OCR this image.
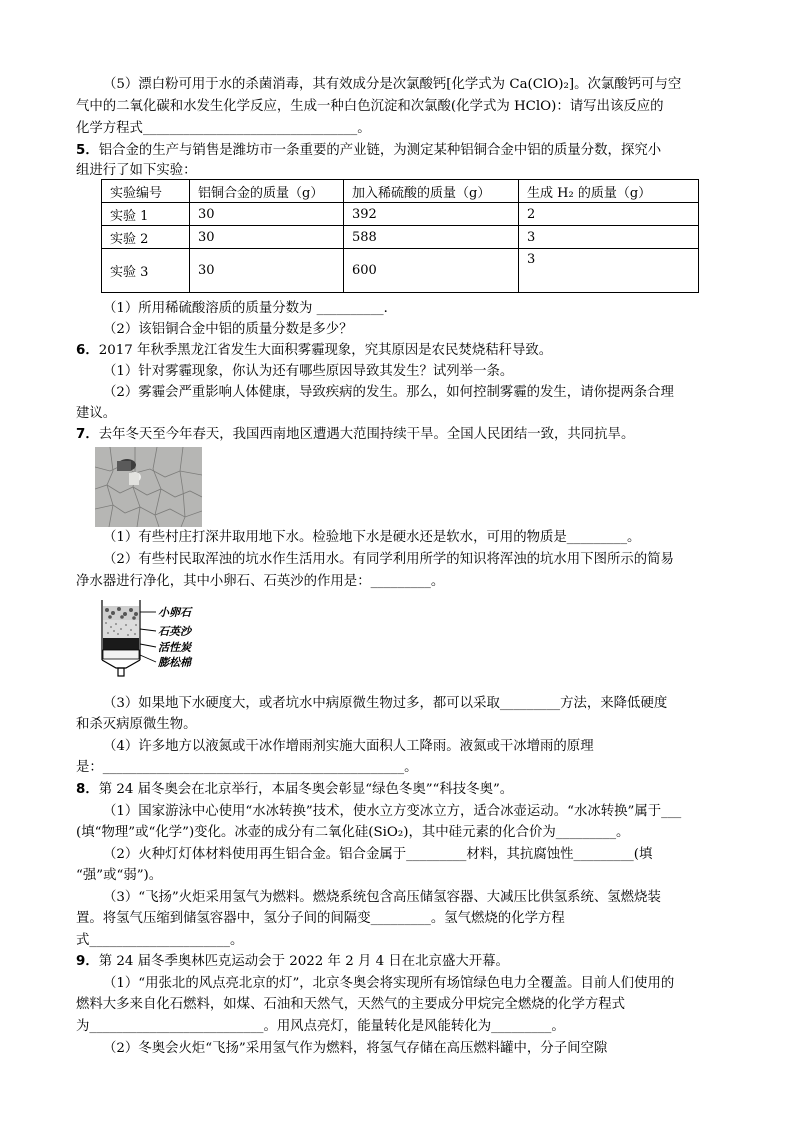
（5）漂白粉可用于水的杀菌消毒，其有效成分是次氯酸钙[化学式为 Ca(ClO)₂]。次氯酸钙可与空
气中的二氧化碳和水发生化学反应，生成一种白色沉淀和次氯酸(化学式为 HClO)：请写出该反应的
化学方程式________________________________。
5．铝合金的生产与销售是潍坊市一条重要的产业链，为测定某种铝铜合金中铝的质量分数，探究小
组进行了如下实验：
实验编号	铝铜合金的质量（g）	加入稀硫酸的质量（g）	生成 H₂ 的质量（g）
实验 1	30	392	2
实验 2	30	588	3
实验 3	30	600	3
（1）所用稀硫酸溶质的质量分数为 __________．
（2）该铝铜合金中铝的质量分数是多少？
6．2017 年秋季黑龙江省发生大面积雾霾现象，究其原因是农民焚烧秸秆导致。
（1）针对雾霾现象，你认为还有哪些原因导致其发生？试列举一条。
（2）雾霾会严重影响人体健康，导致疾病的发生。那么，如何控制雾霾的发生，请你提两条合理
建议。
7．去年冬天至今年春天，我国西南地区遭遇大范围持续干旱。全国人民团结一致，共同抗旱。
（1）有些村庄打深井取用地下水。检验地下水是硬水还是软水，可用的物质是_________。
（2）有些村民取浑浊的坑水作生活用水。有同学利用所学的知识将浑浊的坑水用下图所示的简易
净水器进行净化，其中小卵石、石英沙的作用是：_________。
小卵石
石英沙
活性炭
膨松棉
（3）如果地下水硬度大，或者坑水中病原微生物过多，都可以采取_________方法，来降低硬度
和杀灭病原微生物。
（4）许多地方以液氮或干冰作增雨剂实施大面积人工降雨。液氮或干冰增雨的原理
是：_____________________________________________。
8．第 24 届冬奥会在北京举行，本届冬奥会彰显“绿色冬奥”“科技冬奥”。
（1）国家游泳中心使用“水冰转换”技术，使水立方变冰立方，适合冰壶运动。“水冰转换”属于___
(填“物理”或“化学”)变化。冰壶的成分有二氧化硅(SiO₂)，其中硅元素的化合价为_________。
（2）火种灯灯体材料使用再生铝合金。铝合金属于_________材料，其抗腐蚀性_________(填
“强”或“弱”)。
（3）“飞扬”火炬采用氢气为燃料。燃烧系统包含高压储氢容器、大减压比供氢系统、氢燃烧装
置。将氢气压缩到储氢容器中，氢分子间的间隔变_________。氢气燃烧的化学方程
式_____________________。
9．第 24 届冬季奥林匹克运动会于 2022 年 2 月 4 日在北京盛大开幕。
（1）“用张北的风点亮北京的灯”，北京冬奥会将实现所有场馆绿色电力全覆盖。目前人们使用的
燃料大多来自化石燃料，如煤、石油和天然气，天然气的主要成分甲烷完全燃烧的化学方程式
为__________________________。用风点亮灯，能量转化是风能转化为_________。
（2）冬奥会火炬“飞扬”采用氢气作为燃料，将氢气存储在高压燃料罐中，分子间空隙
